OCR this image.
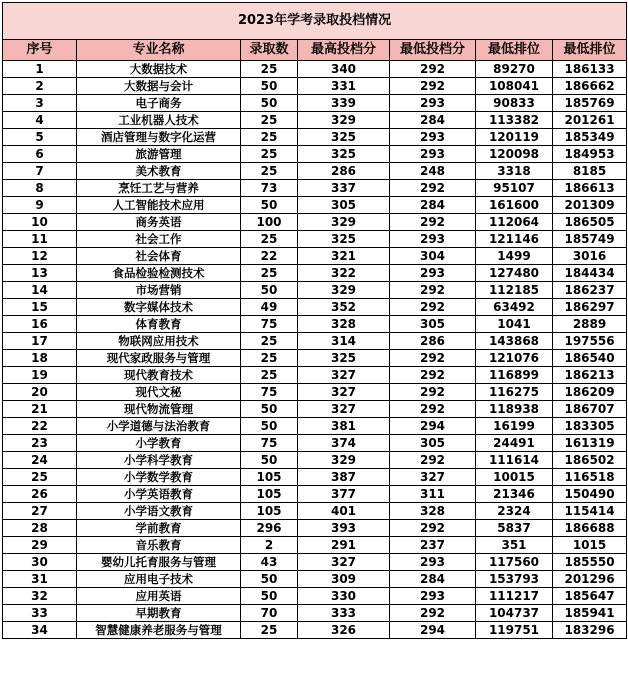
2023年学考录取投档情况						
序号	专业名称	录取数	最高投档分	最低投档分	最低排位	最低排位
1	大数据技术	25	340	292	89270	186133
2	大数据与会计	50	331	292	108041	186662
3	电子商务	50	339	293	90833	185769
4	工业机器人技术	25	329	284	113382	201261
5	酒店管理与数字化运营	25	325	293	120119	185349
6	旅游管理	25	325	293	120098	184953
7	美术教育	25	286	248	3318	8185
8	烹饪工艺与营养	73	337	292	95107	186613
9	人工智能技术应用	50	305	284	161600	201309
10	商务英语	100	329	292	112064	186505
11	社会工作	25	325	293	121146	185749
12	社会体育	22	321	304	1499	3016
13	食品检验检测技术	25	322	293	127480	184434
14	市场营销	50	329	292	112185	186237
15	数字媒体技术	49	352	292	63492	186297
16	体育教育	75	328	305	1041	2889
17	物联网应用技术	25	314	286	143868	197556
18	现代家政服务与管理	25	325	292	121076	186540
19	现代教育技术	25	327	292	116899	186213
20	现代文秘	75	327	292	116275	186209
21	现代物流管理	50	327	292	118938	186707
22	小学道德与法治教育	50	381	294	16199	183305
23	小学教育	75	374	305	24491	161319
24	小学科学教育	50	329	292	111614	186502
25	小学数学教育	105	387	327	10015	116518
26	小学英语教育	105	377	311	21346	150490
27	小学语文教育	105	401	328	2324	115414
28	学前教育	296	393	292	5837	186688
29	音乐教育	2	291	237	351	1015
30	婴幼儿托育服务与管理	43	327	293	117560	185550
31	应用电子技术	50	309	284	153793	201296
32	应用英语	50	330	293	111217	185647
33	早期教育	70	333	292	104737	185941
34	智慧健康养老服务与管理	25	326	294	119751	183296
